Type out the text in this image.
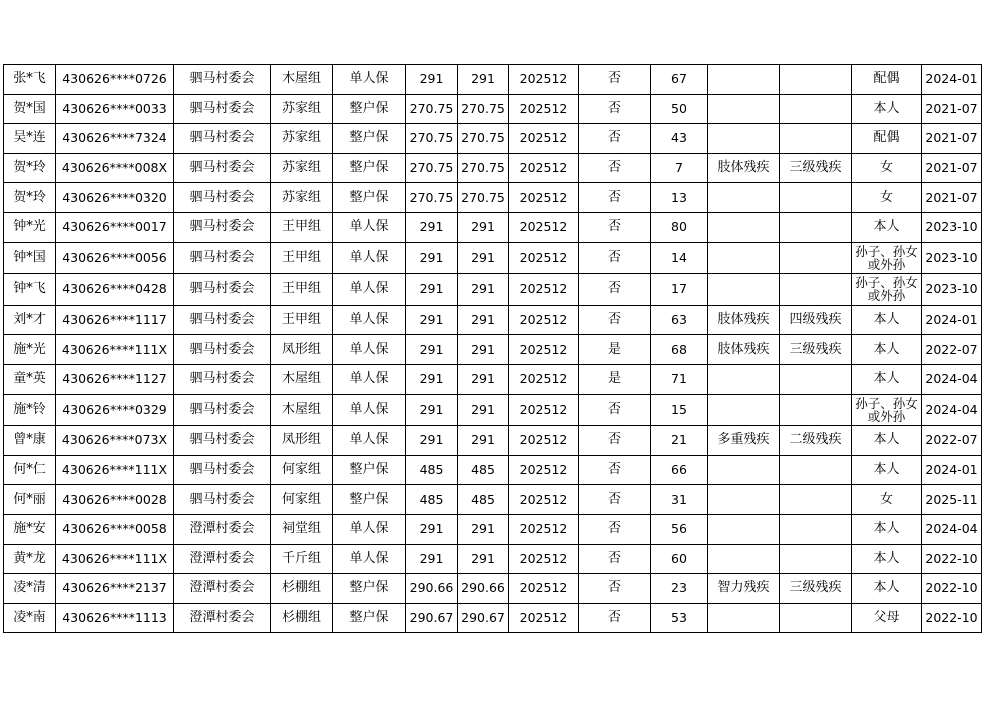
张*飞	430626****0726	驷马村委会	木屋组	单人保	291	291	202512	否	67			配偶	2024-01
贺*国	430626****0033	驷马村委会	苏家组	整户保	270.75	270.75	202512	否	50			本人	2021-07
吴*连	430626****7324	驷马村委会	苏家组	整户保	270.75	270.75	202512	否	43			配偶	2021-07
贺*玲	430626****008X	驷马村委会	苏家组	整户保	270.75	270.75	202512	否	7	肢体残疾	三级残疾	女	2021-07
贺*玲	430626****0320	驷马村委会	苏家组	整户保	270.75	270.75	202512	否	13			女	2021-07
钟*光	430626****0017	驷马村委会	王甲组	单人保	291	291	202512	否	80			本人	2023-10
钟*国	430626****0056	驷马村委会	王甲组	单人保	291	291	202512	否	14			孙子、孙女或外孙	2023-10
钟*飞	430626****0428	驷马村委会	王甲组	单人保	291	291	202512	否	17			孙子、孙女或外孙	2023-10
刘*才	430626****1117	驷马村委会	王甲组	单人保	291	291	202512	否	63	肢体残疾	四级残疾	本人	2024-01
施*光	430626****111X	驷马村委会	凤形组	单人保	291	291	202512	是	68	肢体残疾	三级残疾	本人	2022-07
童*英	430626****1127	驷马村委会	木屋组	单人保	291	291	202512	是	71			本人	2024-04
施*铃	430626****0329	驷马村委会	木屋组	单人保	291	291	202512	否	15			孙子、孙女或外孙	2024-04
曾*康	430626****073X	驷马村委会	凤形组	单人保	291	291	202512	否	21	多重残疾	二级残疾	本人	2022-07
何*仁	430626****111X	驷马村委会	何家组	整户保	485	485	202512	否	66			本人	2024-01
何*丽	430626****0028	驷马村委会	何家组	整户保	485	485	202512	否	31			女	2025-11
施*安	430626****0058	澄潭村委会	祠堂组	单人保	291	291	202512	否	56			本人	2024-04
黄*龙	430626****111X	澄潭村委会	千斤组	单人保	291	291	202512	否	60			本人	2022-10
凌*清	430626****2137	澄潭村委会	杉棚组	整户保	290.66	290.66	202512	否	23	智力残疾	三级残疾	本人	2022-10
凌*南	430626****1113	澄潭村委会	杉棚组	整户保	290.67	290.67	202512	否	53			父母	2022-10
